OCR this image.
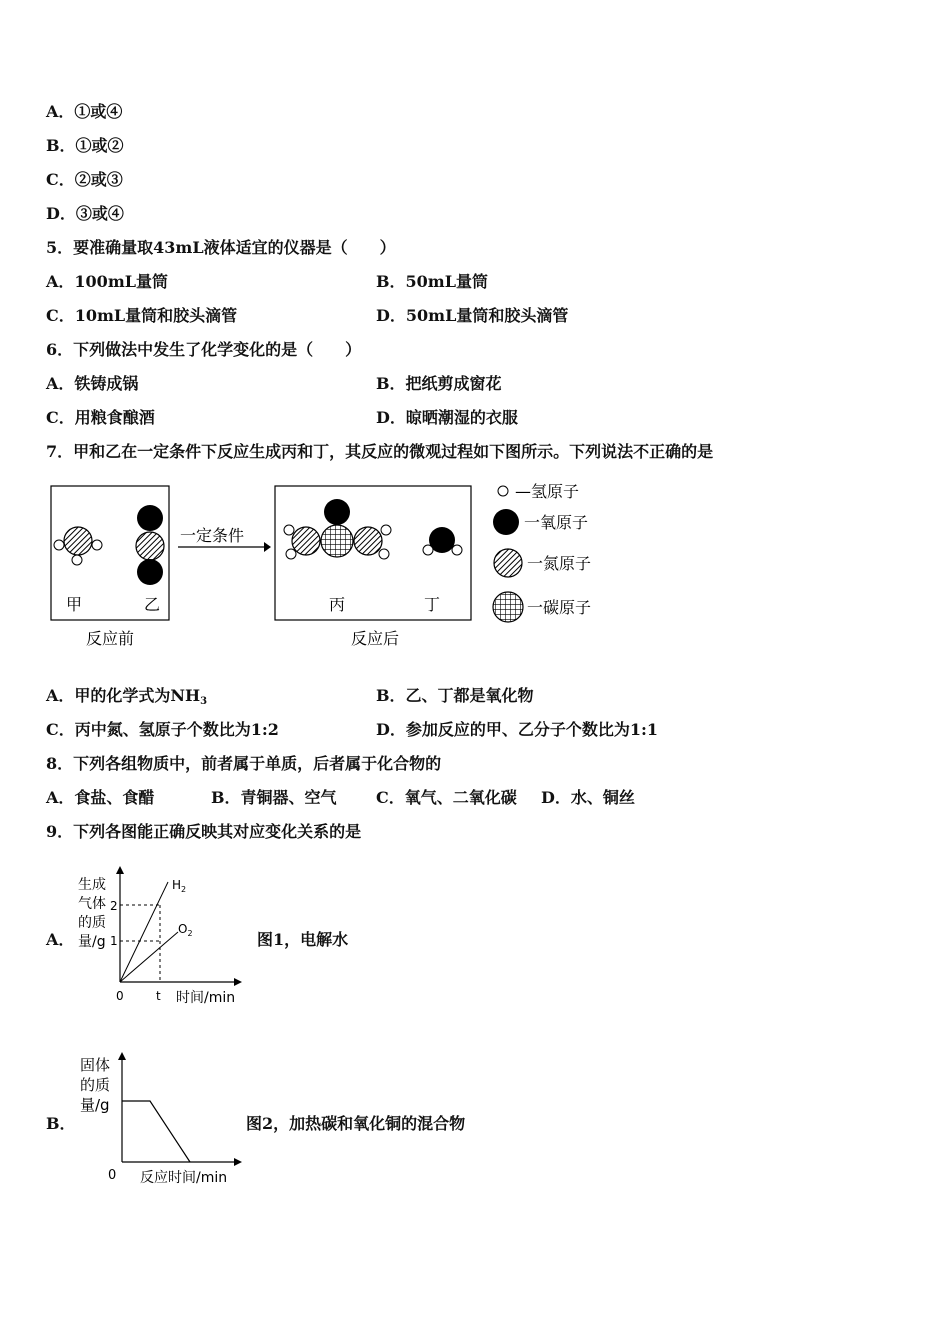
A．①或④
B．①或②
C．②或③
D．③或④
5．要准确量取43mL液体适宜的仪器是（　　）
A．100mL量筒	B．50mL量筒
C．10mL量筒和胶头滴管	D．50mL量筒和胶头滴管
6．下列做法中发生了化学变化的是（　　）
A．铁铸成锅	B．把纸剪成窗花
C．用粮食酿酒	D．晾晒潮湿的衣服
7．甲和乙在一定条件下反应生成丙和丁，其反应的微观过程如下图所示。下列说法不正确的是
甲	乙
一定条件
丙	丁
反应前	反应后
—氢原子
一氧原子
一氮原子
一碳原子
A．甲的化学式为$NH_3$	B．乙、丁都是氧化物
C．丙中氮、氢原子个数比为1:2	D．参加反应的甲、乙分子个数比为1:1
8．下列各组物质中，前者属于单质，后者属于化合物的
A．食盐、食醋	B．青铜器、空气 C．氧气、二氧化碳 D．水、铜丝
9．下列各图能正确反映其对应变化关系的是
A．
生成
气体
的质
量/g
2
1
0	t 时间/min
$H_2$
$O_2$	图1，电解水
B．
固体
的质
量/g
0 反应时间/min
图2，加热碳和氧化铜的混合物
